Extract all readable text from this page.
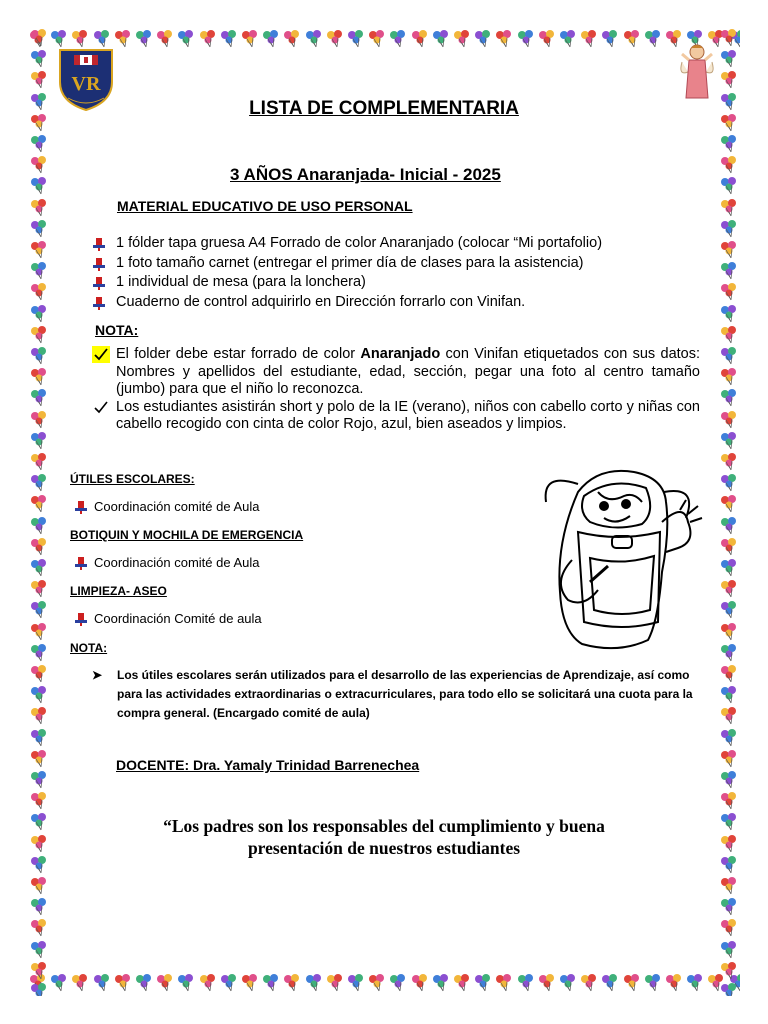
VR
LISTA DE COMPLEMENTARIA
3 AÑOS Anaranjada- Inicial - 2025
MATERIAL EDUCATIVO DE USO PERSONAL
1 fólder tapa gruesa A4 Forrado de color Anaranjado (colocar “Mi portafolio)
1 foto tamaño carnet (entregar el primer día de clases para la asistencia)
1 individual de mesa (para la lonchera)
Cuaderno de control adquirirlo en Dirección forrarlo con Vinifan.
NOTA:
El folder debe estar forrado de color Anaranjado con Vinifan etiquetados con sus datos: Nombres y apellidos del estudiante, edad, sección, pegar una foto al centro tamaño (jumbo) para que el niño lo reconozca.
Los estudiantes asistirán short y polo de la IE (verano), niños con cabello corto y niñas con cabello recogido con cinta de color Rojo, azul, bien aseados y limpios.
ÚTILES ESCOLARES:
Coordinación comité de Aula
BOTIQUIN Y MOCHILA DE EMERGENCIA
Coordinación comité de Aula
LIMPIEZA- ASEO
Coordinación Comité de aula
NOTA:
➤	Los útiles escolares serán utilizados para el desarrollo de las experiencias de Aprendizaje, así como para las actividades extraordinarias o extracurriculares, para todo ello se solicitará una cuota para la compra general. (Encargado comité de aula)
DOCENTE: Dra. Yamaly Trinidad Barrenechea
“Los padres son los responsables del cumplimiento y buena
presentación de nuestros estudiantes
